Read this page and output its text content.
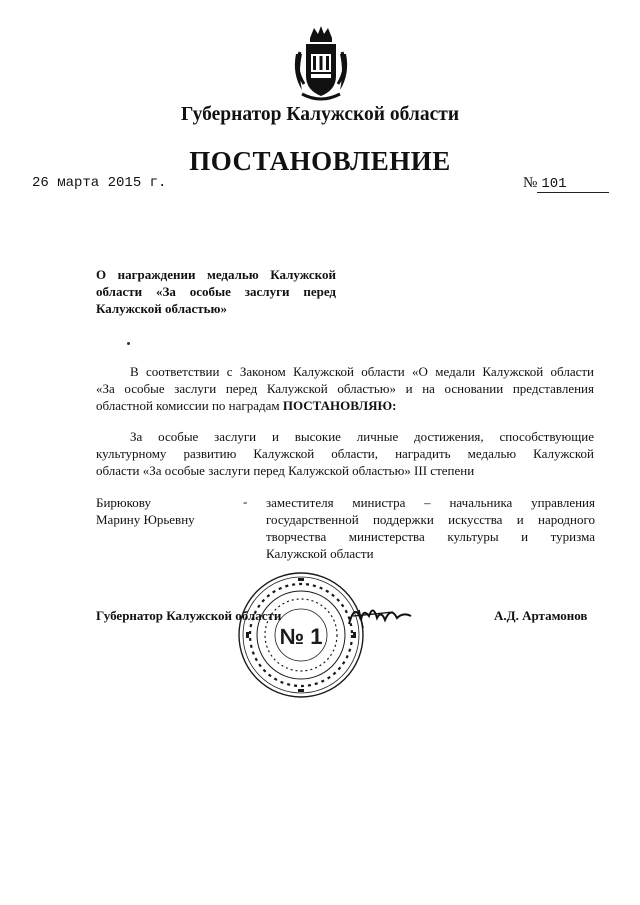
Губернатор Калужской области
ПОСТАНОВЛЕНИЕ
26 марта 2015 г.	№ 101
О награждении медалью Калужской
области «За особые заслуги перед
Калужской областью»
В соответствии с Законом Калужской области «О медали Калужской области
«За особые заслуги перед Калужской областью» и на основании представления
областной комиссии по наградам ПОСТАНОВЛЯЮ:
За особые заслуги и высокие личные достижения, способствующие
культурному развитию Калужской области, наградить медалью Калужской
области «За особые заслуги перед Калужской областью» III степени
Бирюкову
Марину Юрьевну
- заместителя министра – начальника управления
государственной поддержки искусства и народного
творчества министерства культуры и туризма
Калужской области
Губернатор Калужской области	А.Д. Артамонов
№ 1
